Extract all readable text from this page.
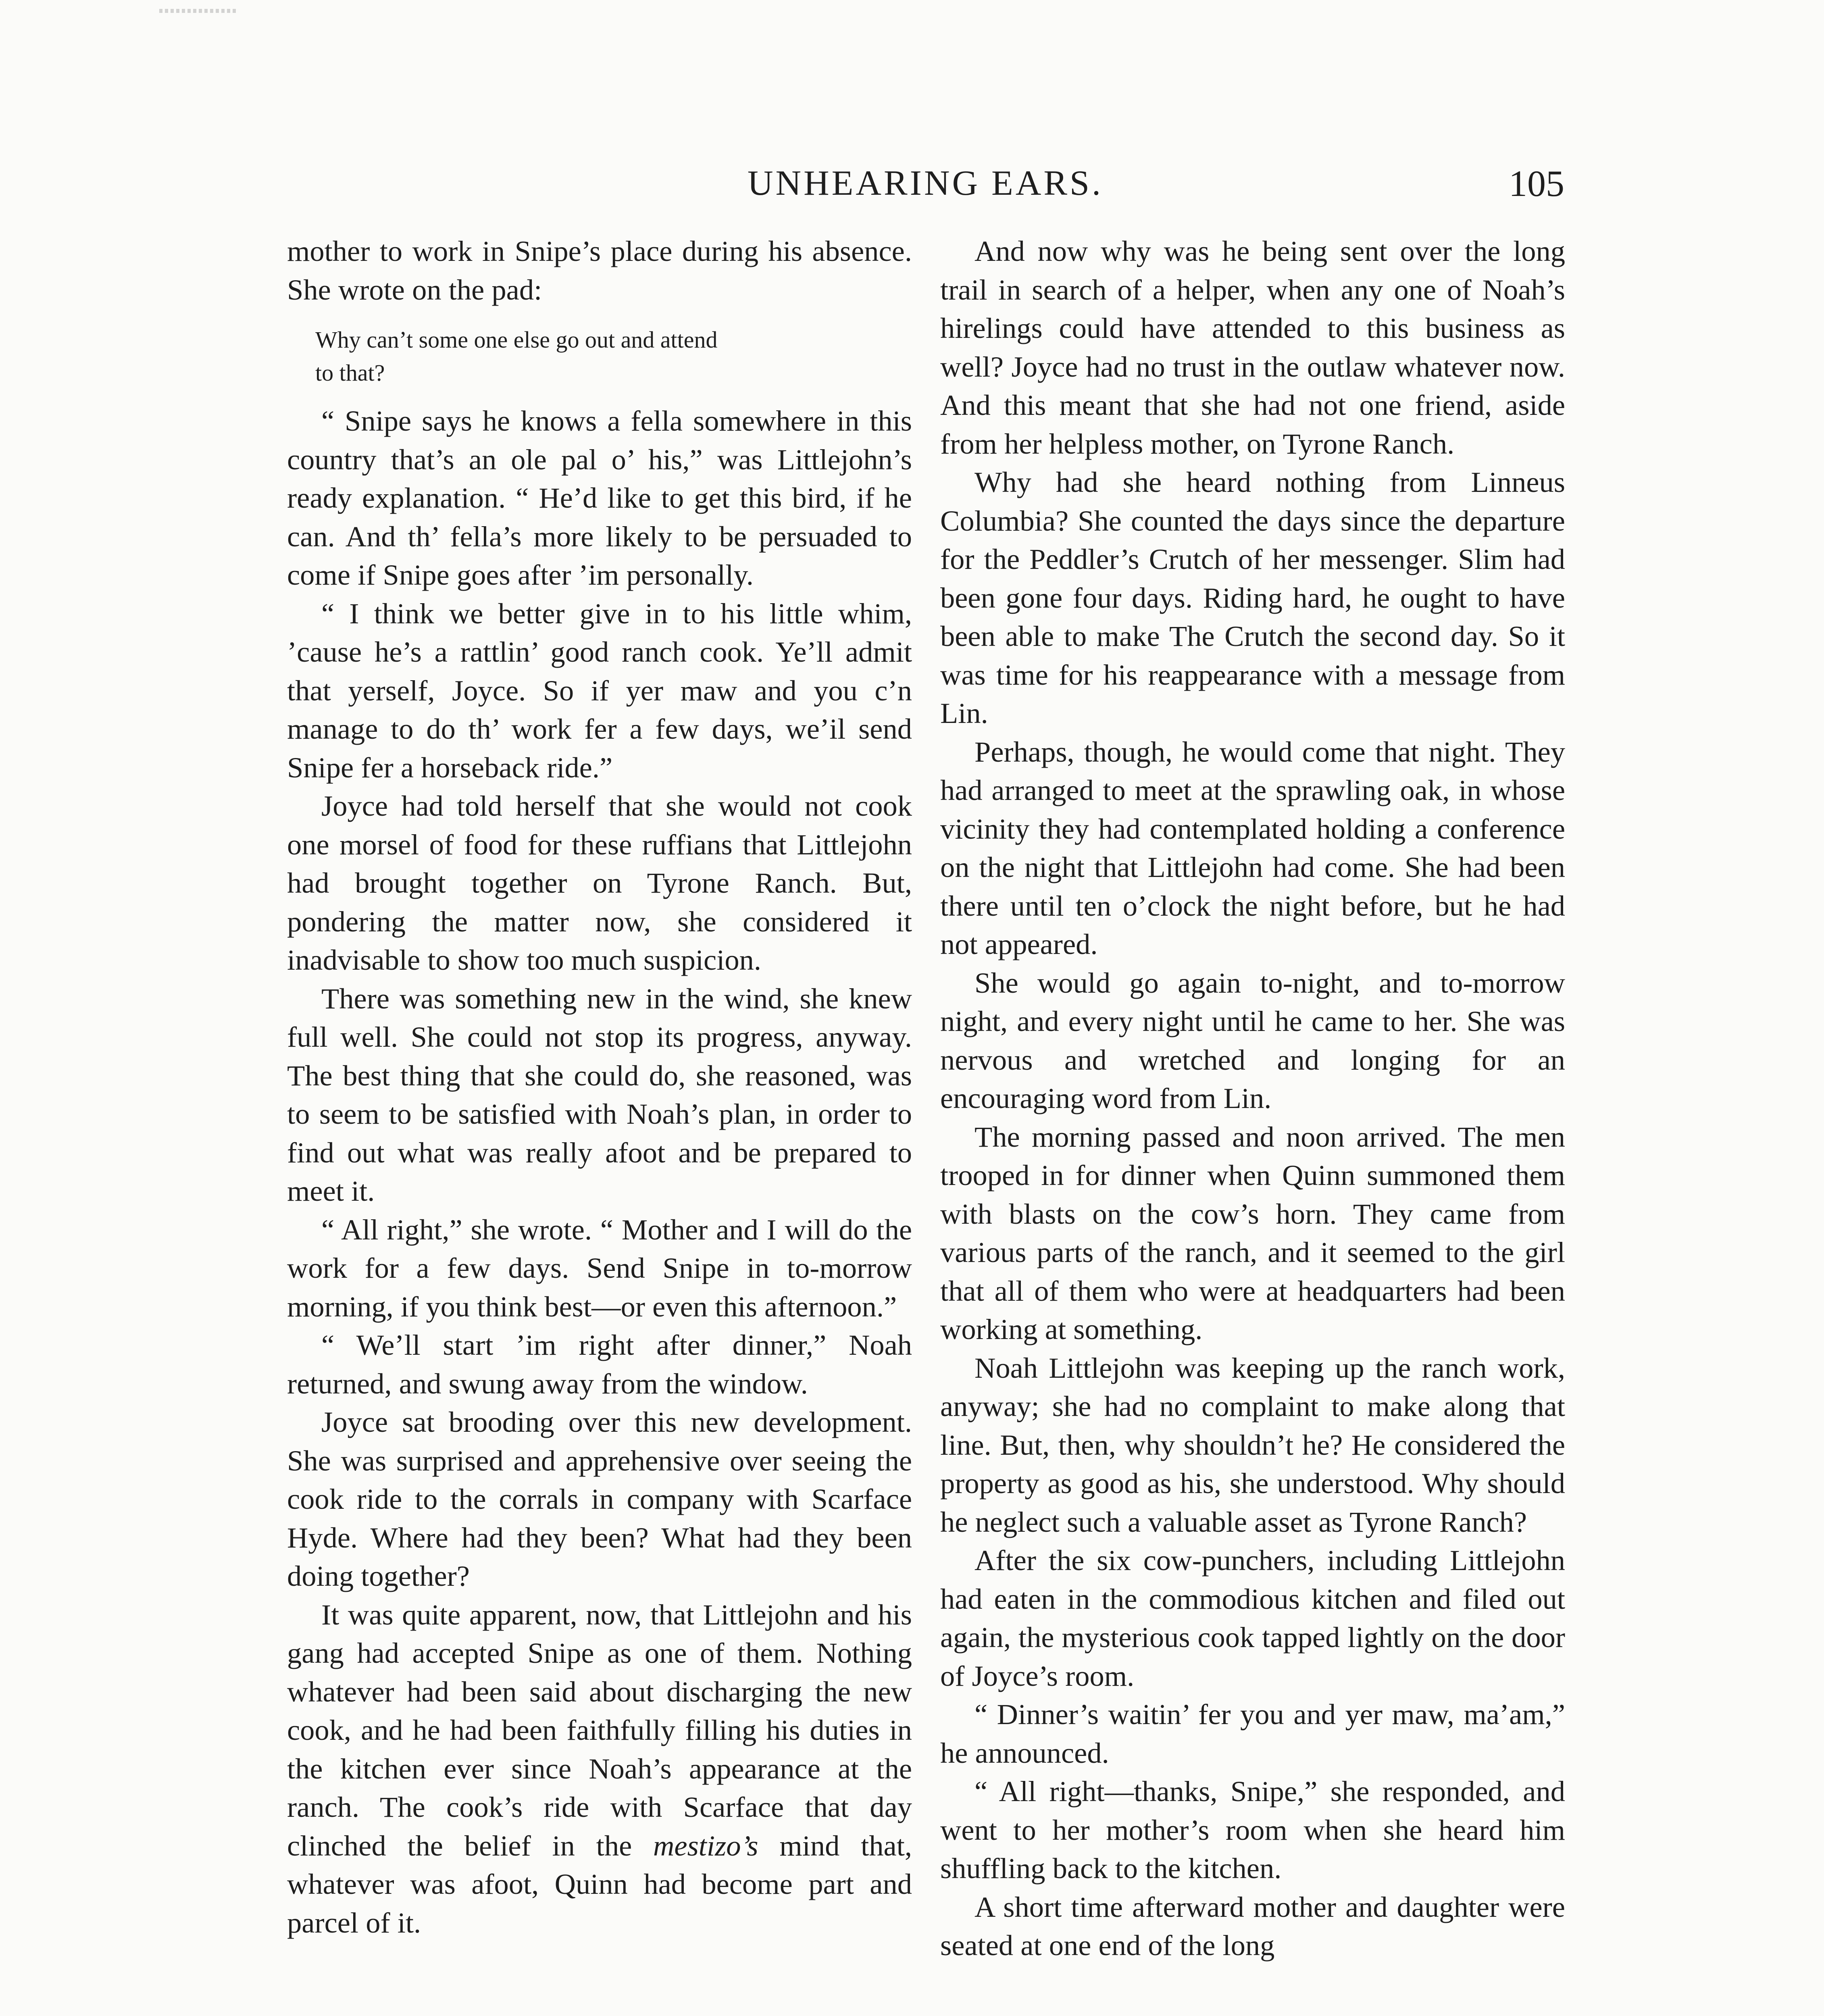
UNHEARING EARS.	105

mother to work in Snipe’s place during his absence. She wrote on the pad:

Why can’t some one else go out and attend
to that?

“ Snipe says he knows a fella somewhere in this country that’s an ole pal o’ his,” was Littlejohn’s ready explanation. “ He’d like to get this bird, if he can. And th’ fella’s more likely to be persuaded to come if Snipe goes after ’im personally.

“ I think we better give in to his little whim, ’cause he’s a rattlin’ good ranch cook. Ye’ll admit that yerself, Joyce. So if yer maw and you c’n manage to do th’ work fer a few days, we’il send Snipe fer a horseback ride.”

Joyce had told herself that she would not cook one morsel of food for these ruffians that Littlejohn had brought together on Tyrone Ranch. But, pondering the matter now, she considered it inadvisable to show too much suspicion.

There was something new in the wind, she knew full well. She could not stop its progress, anyway. The best thing that she could do, she reasoned, was to seem to be satisfied with Noah’s plan, in order to find out what was really afoot and be prepared to meet it.

“ All right,” she wrote. “ Mother and I will do the work for a few days. Send Snipe in to-morrow morning, if you think best—or even this afternoon.”

“ We’ll start ’im right after dinner,” Noah returned, and swung away from the window.

Joyce sat brooding over this new development. She was surprised and apprehensive over seeing the cook ride to the corrals in company with Scarface Hyde. Where had they been? What had they been doing together?

It was quite apparent, now, that Littlejohn and his gang had accepted Snipe as one of them. Nothing whatever had been said about discharging the new cook, and he had been faithfully filling his duties in the kitchen ever since Noah’s appearance at the ranch. The cook’s ride with Scarface that day clinched the belief in the mestizo’s mind that, whatever was afoot, Quinn had become part and parcel of it.

And now why was he being sent over the long trail in search of a helper, when any one of Noah’s hirelings could have attended to this business as well? Joyce had no trust in the outlaw whatever now. And this meant that she had not one friend, aside from her helpless mother, on Tyrone Ranch.

Why had she heard nothing from Linneus Columbia? She counted the days since the departure for the Peddler’s Crutch of her messenger. Slim had been gone four days. Riding hard, he ought to have been able to make The Crutch the second day. So it was time for his reappearance with a message from Lin.

Perhaps, though, he would come that night. They had arranged to meet at the sprawling oak, in whose vicinity they had contemplated holding a conference on the night that Littlejohn had come. She had been there until ten o’clock the night before, but he had not appeared.

She would go again to-night, and to-morrow night, and every night until he came to her. She was nervous and wretched and longing for an encouraging word from Lin.

The morning passed and noon arrived. The men trooped in for dinner when Quinn summoned them with blasts on the cow’s horn. They came from various parts of the ranch, and it seemed to the girl that all of them who were at headquarters had been working at something.

Noah Littlejohn was keeping up the ranch work, anyway; she had no complaint to make along that line. But, then, why shouldn’t he? He considered the property as good as his, she understood. Why should he neglect such a valuable asset as Tyrone Ranch?

After the six cow-punchers, including Littlejohn had eaten in the commodious kitchen and filed out again, the mysterious cook tapped lightly on the door of Joyce’s room.

“ Dinner’s waitin’ fer you and yer maw, ma’am,” he announced.

“ All right—thanks, Snipe,” she responded, and went to her mother’s room when she heard him shuffling back to the kitchen.

A short time afterward mother and daughter were seated at one end of the long
